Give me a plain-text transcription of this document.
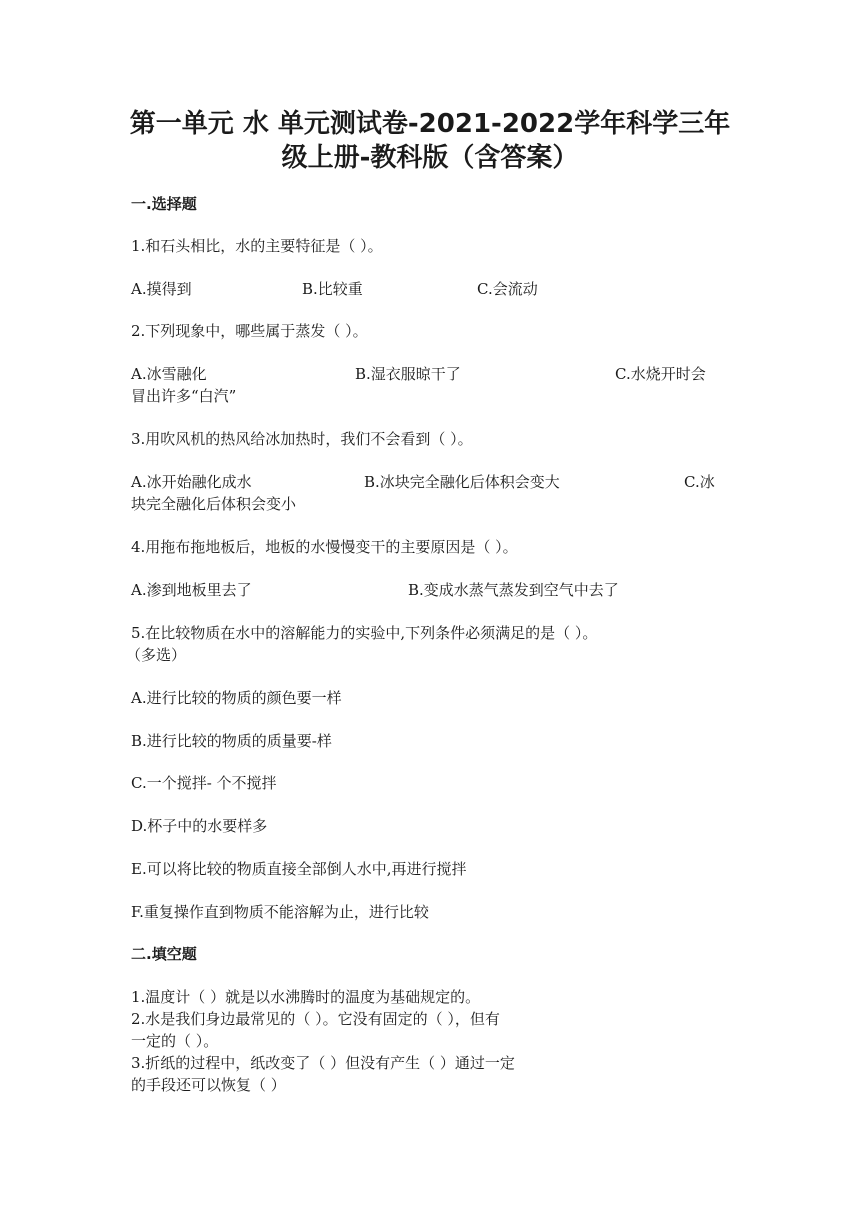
第一单元 水 单元测试卷-2021-2022学年科学三年
级上册-教科版（含答案）
一.选择题
1.和石头相比，水的主要特征是（ ）。
A.摸得到	B.比较重	C.会流动
2.下列现象中，哪些属于蒸发（ ）。
A.冰雪融化	B.湿衣服晾干了	C.水烧开时会
冒出许多“白汽”
3.用吹风机的热风给冰加热时，我们不会看到（ ）。
A.冰开始融化成水	B.冰块完全融化后体积会变大	C.冰
块完全融化后体积会变小
4.用拖布拖地板后，地板的水慢慢变干的主要原因是（ ）。
A.渗到地板里去了	B.变成水蒸气蒸发到空气中去了
5.在比较物质在水中的溶解能力的实验中,下列条件必须满足的是（ ）。
（多选）
A.进行比较的物质的颜色要一样
B.进行比较的物质的质量要-样
C.一个搅拌- 个不搅拌
D.杯子中的水要样多
E.可以将比较的物质直接全部倒人水中,再进行搅拌
F.重复操作直到物质不能溶解为止，进行比较
二.填空题
1.温度计（ ）就是以水沸腾时的温度为基础规定的。
2.水是我们身边最常见的（ ）。它没有固定的（ ），但有
一定的（ ）。
3.折纸的过程中，纸改变了（ ）但没有产生（ ）通过一定
的手段还可以恢复（ ）
